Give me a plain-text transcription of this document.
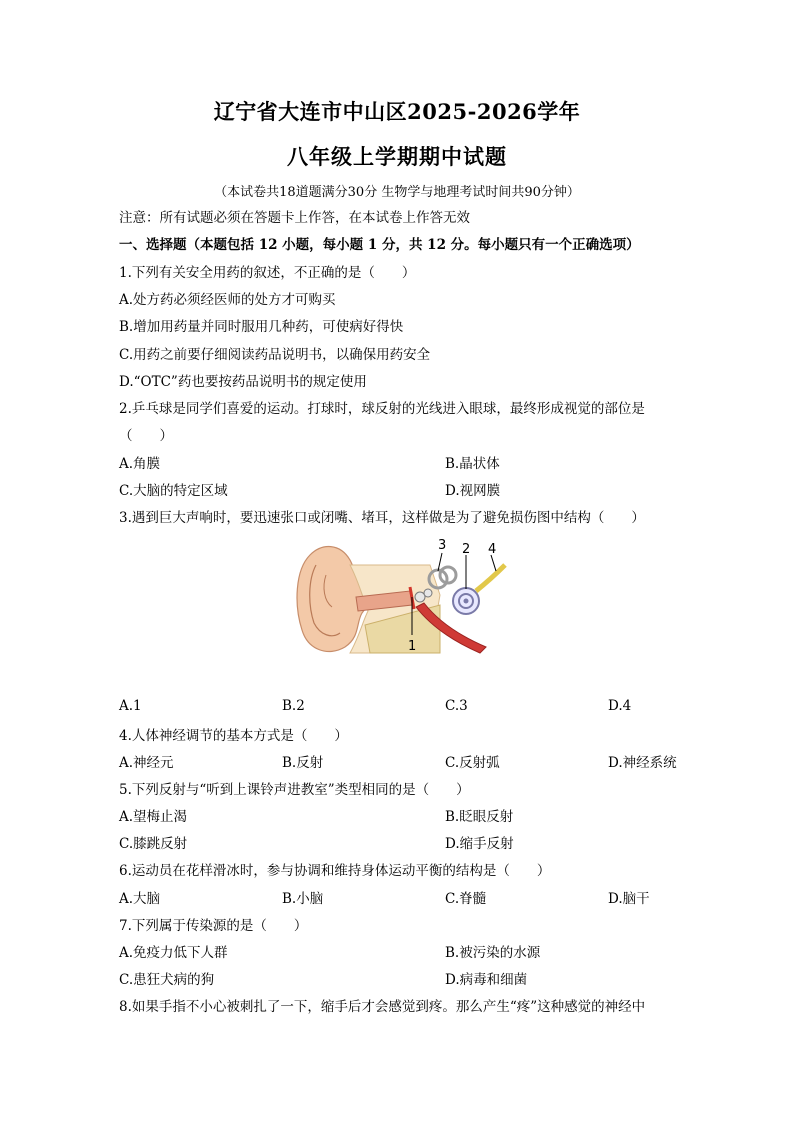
辽宁省大连市中山区2025-2026学年
八年级上学期期中试题
（本试卷共18道题满分30分 生物学与地理考试时间共90分钟）
注意：所有试题必须在答题卡上作答，在本试卷上作答无效
一、选择题（本题包括 12 小题，每小题 1 分，共 12 分。每小题只有一个正确选项）
1.下列有关安全用药的叙述，不正确的是（　　）
A.处方药必须经医师的处方才可购买
B.增加用药量并同时服用几种药，可使病好得快
C.用药之前要仔细阅读药品说明书，以确保用药安全
D.“OTC”药也要按药品说明书的规定使用
2.乒乓球是同学们喜爱的运动。打球时，球反射的光线进入眼球，最终形成视觉的部位是
（　　）
A.角膜	B.晶状体
C.大脑的特定区域	D.视网膜
3.遇到巨大声响时，要迅速张口或闭嘴、堵耳，这样做是为了避免损伤图中结构（　　）
3 2 4
1
A.1	B.2	C.3	D.4
4.人体神经调节的基本方式是（　　）
A.神经元	B.反射	C.反射弧	D.神经系统
5.下列反射与“听到上课铃声进教室”类型相同的是（　　）
A.望梅止渴	B.眨眼反射
C.膝跳反射	D.缩手反射
6.运动员在花样滑冰时，参与协调和维持身体运动平衡的结构是（　　）
A.大脑	B.小脑	C.脊髓	D.脑干
7.下列属于传染源的是（　　）
A.免疫力低下人群	B.被污染的水源
C.患狂犬病的狗	D.病毒和细菌
8.如果手指不小心被刺扎了一下，缩手后才会感觉到疼。那么产生“疼”这种感觉的神经中
